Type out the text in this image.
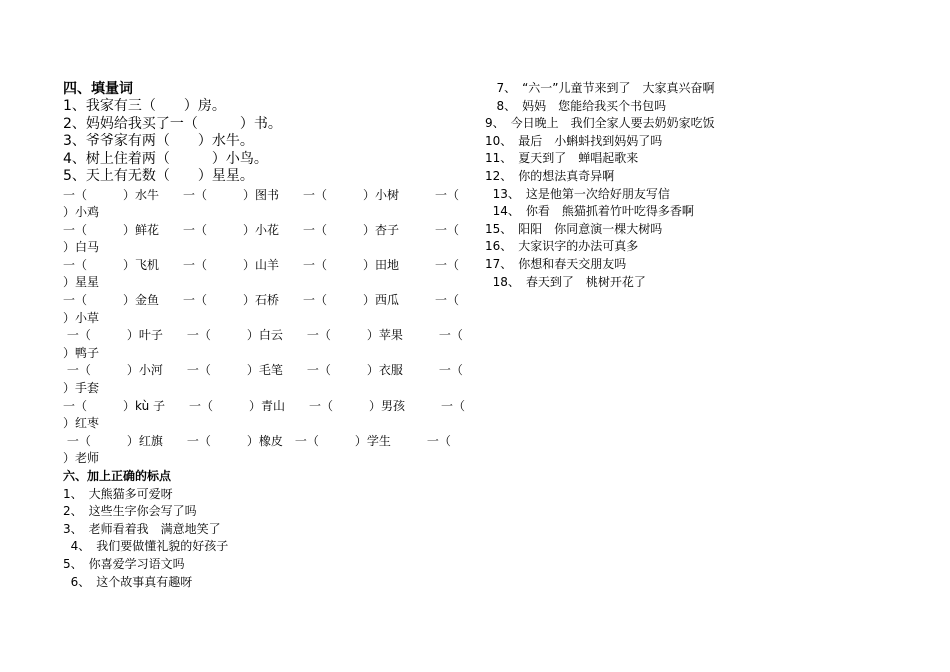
四、填量词
1、我家有三（　　）房。
2、妈妈给我买了一（　　　）书。
3、爷爷家有两（　　）水牛。
4、树上住着两（　　　）小鸟。
5、天上有无数（　　）星星。
一（　　　）水牛　　一（　　　）图书　　一（　　　）小树　　　一（
）小鸡
一（　　　）鲜花　　一（　　　）小花　　一（　　　）杏子　　　一（
）白马
一（　　　）飞机　　一（　　　）山羊　　一（　　　）田地　　　一（
）星星
一（　　　）金鱼　　一（　　　）石桥　　一（　　　）西瓜　　　一（
）小草
一（　　　）叶子　　一（　　　）白云　　一（　　　）苹果　　　一（
）鸭子
一（　　　）小河　　一（　　　）毛笔　　一（　　　）衣服　　　一（
）手套
一（　　　）kù 子　　一（　　　）青山　　一（　　　）男孩　　　一（
）红枣
一（　　　）红旗　　一（　　　）橡皮　一（　　　）学生　　　一（
）老师
六、加上正确的标点
1、　大熊猫多可爱呀
2、　这些生字你会写了吗
3、　老师看着我　满意地笑了
4、　我们要做懂礼貌的好孩子
5、　你喜爱学习语文吗
6、　这个故事真有趣呀
7、　“六一”儿童节来到了　大家真兴奋啊
8、　妈妈　您能给我买个书包吗
9、　今日晚上　我们全家人要去奶奶家吃饭
10、　最后　小蝌蚪找到妈妈了吗
11、　夏天到了　蝉唱起歌来
12、　你的想法真奇异啊
13、　这是他第一次给好朋友写信
14、　你看　熊猫抓着竹叶吃得多香啊
15、　阳阳　你同意演一棵大树吗
16、　大家识字的办法可真多
17、　你想和春天交朋友吗
18、　春天到了　桃树开花了
